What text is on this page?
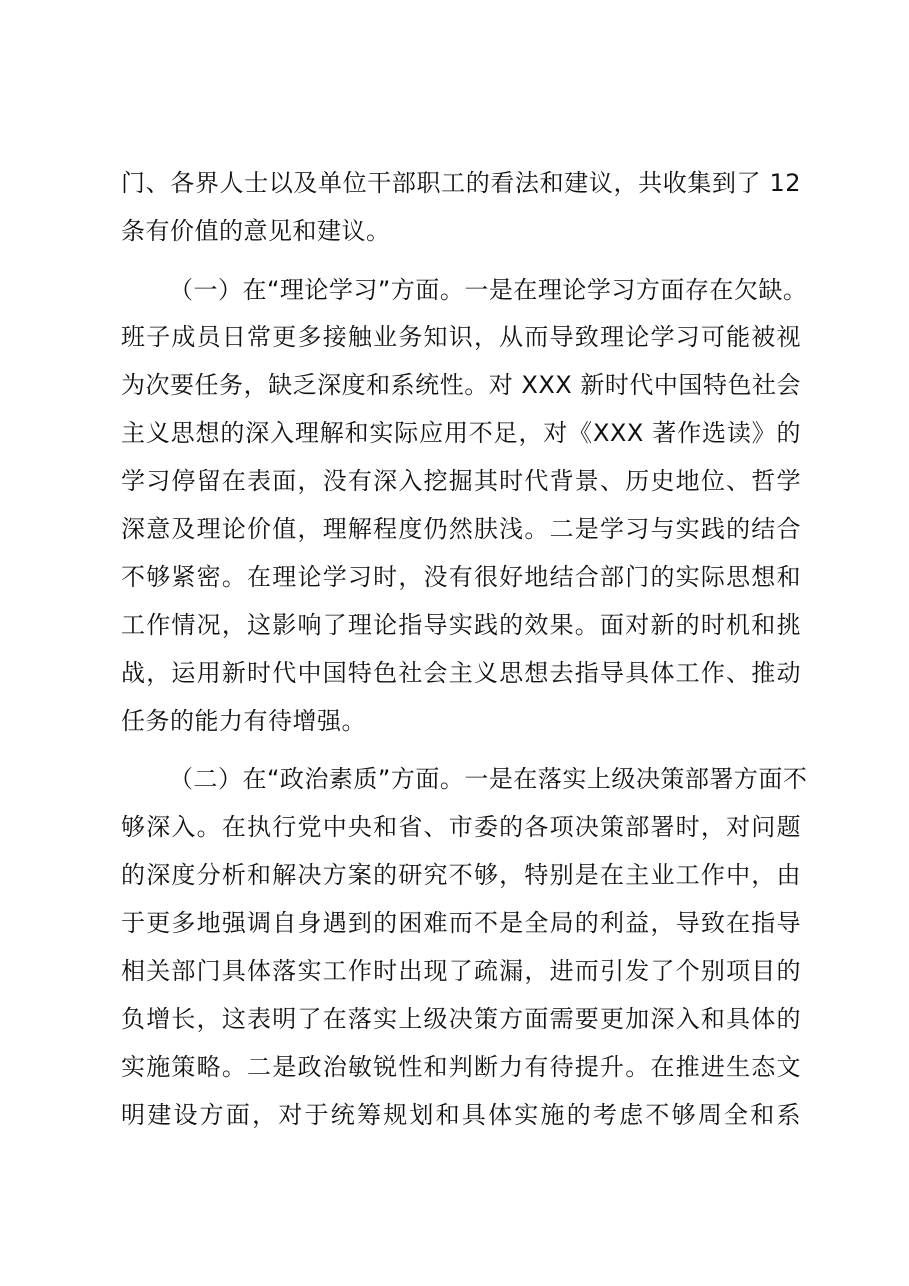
门、各界人士以及单位干部职工的看法和建议，共收集到了 12
条有价值的意见和建议。
（一）在“理论学习”方面。一是在理论学习方面存在欠缺。
班子成员日常更多接触业务知识，从而导致理论学习可能被视
为次要任务，缺乏深度和系统性。对 XXX 新时代中国特色社会
主义思想的深入理解和实际应用不足，对《XXX 著作选读》的
学习停留在表面，没有深入挖掘其时代背景、历史地位、哲学
深意及理论价值，理解程度仍然肤浅。二是学习与实践的结合
不够紧密。在理论学习时，没有很好地结合部门的实际思想和
工作情况，这影响了理论指导实践的效果。面对新的时机和挑
战，运用新时代中国特色社会主义思想去指导具体工作、推动
任务的能力有待增强。
（二）在“政治素质”方面。一是在落实上级决策部署方面不
够深入。在执行党中央和省、市委的各项决策部署时，对问题
的深度分析和解决方案的研究不够，特别是在主业工作中，由
于更多地强调自身遇到的困难而不是全局的利益，导致在指导
相关部门具体落实工作时出现了疏漏，进而引发了个别项目的
负增长，这表明了在落实上级决策方面需要更加深入和具体的
实施策略。二是政治敏锐性和判断力有待提升。在推进生态文
明建设方面，对于统筹规划和具体实施的考虑不够周全和系
